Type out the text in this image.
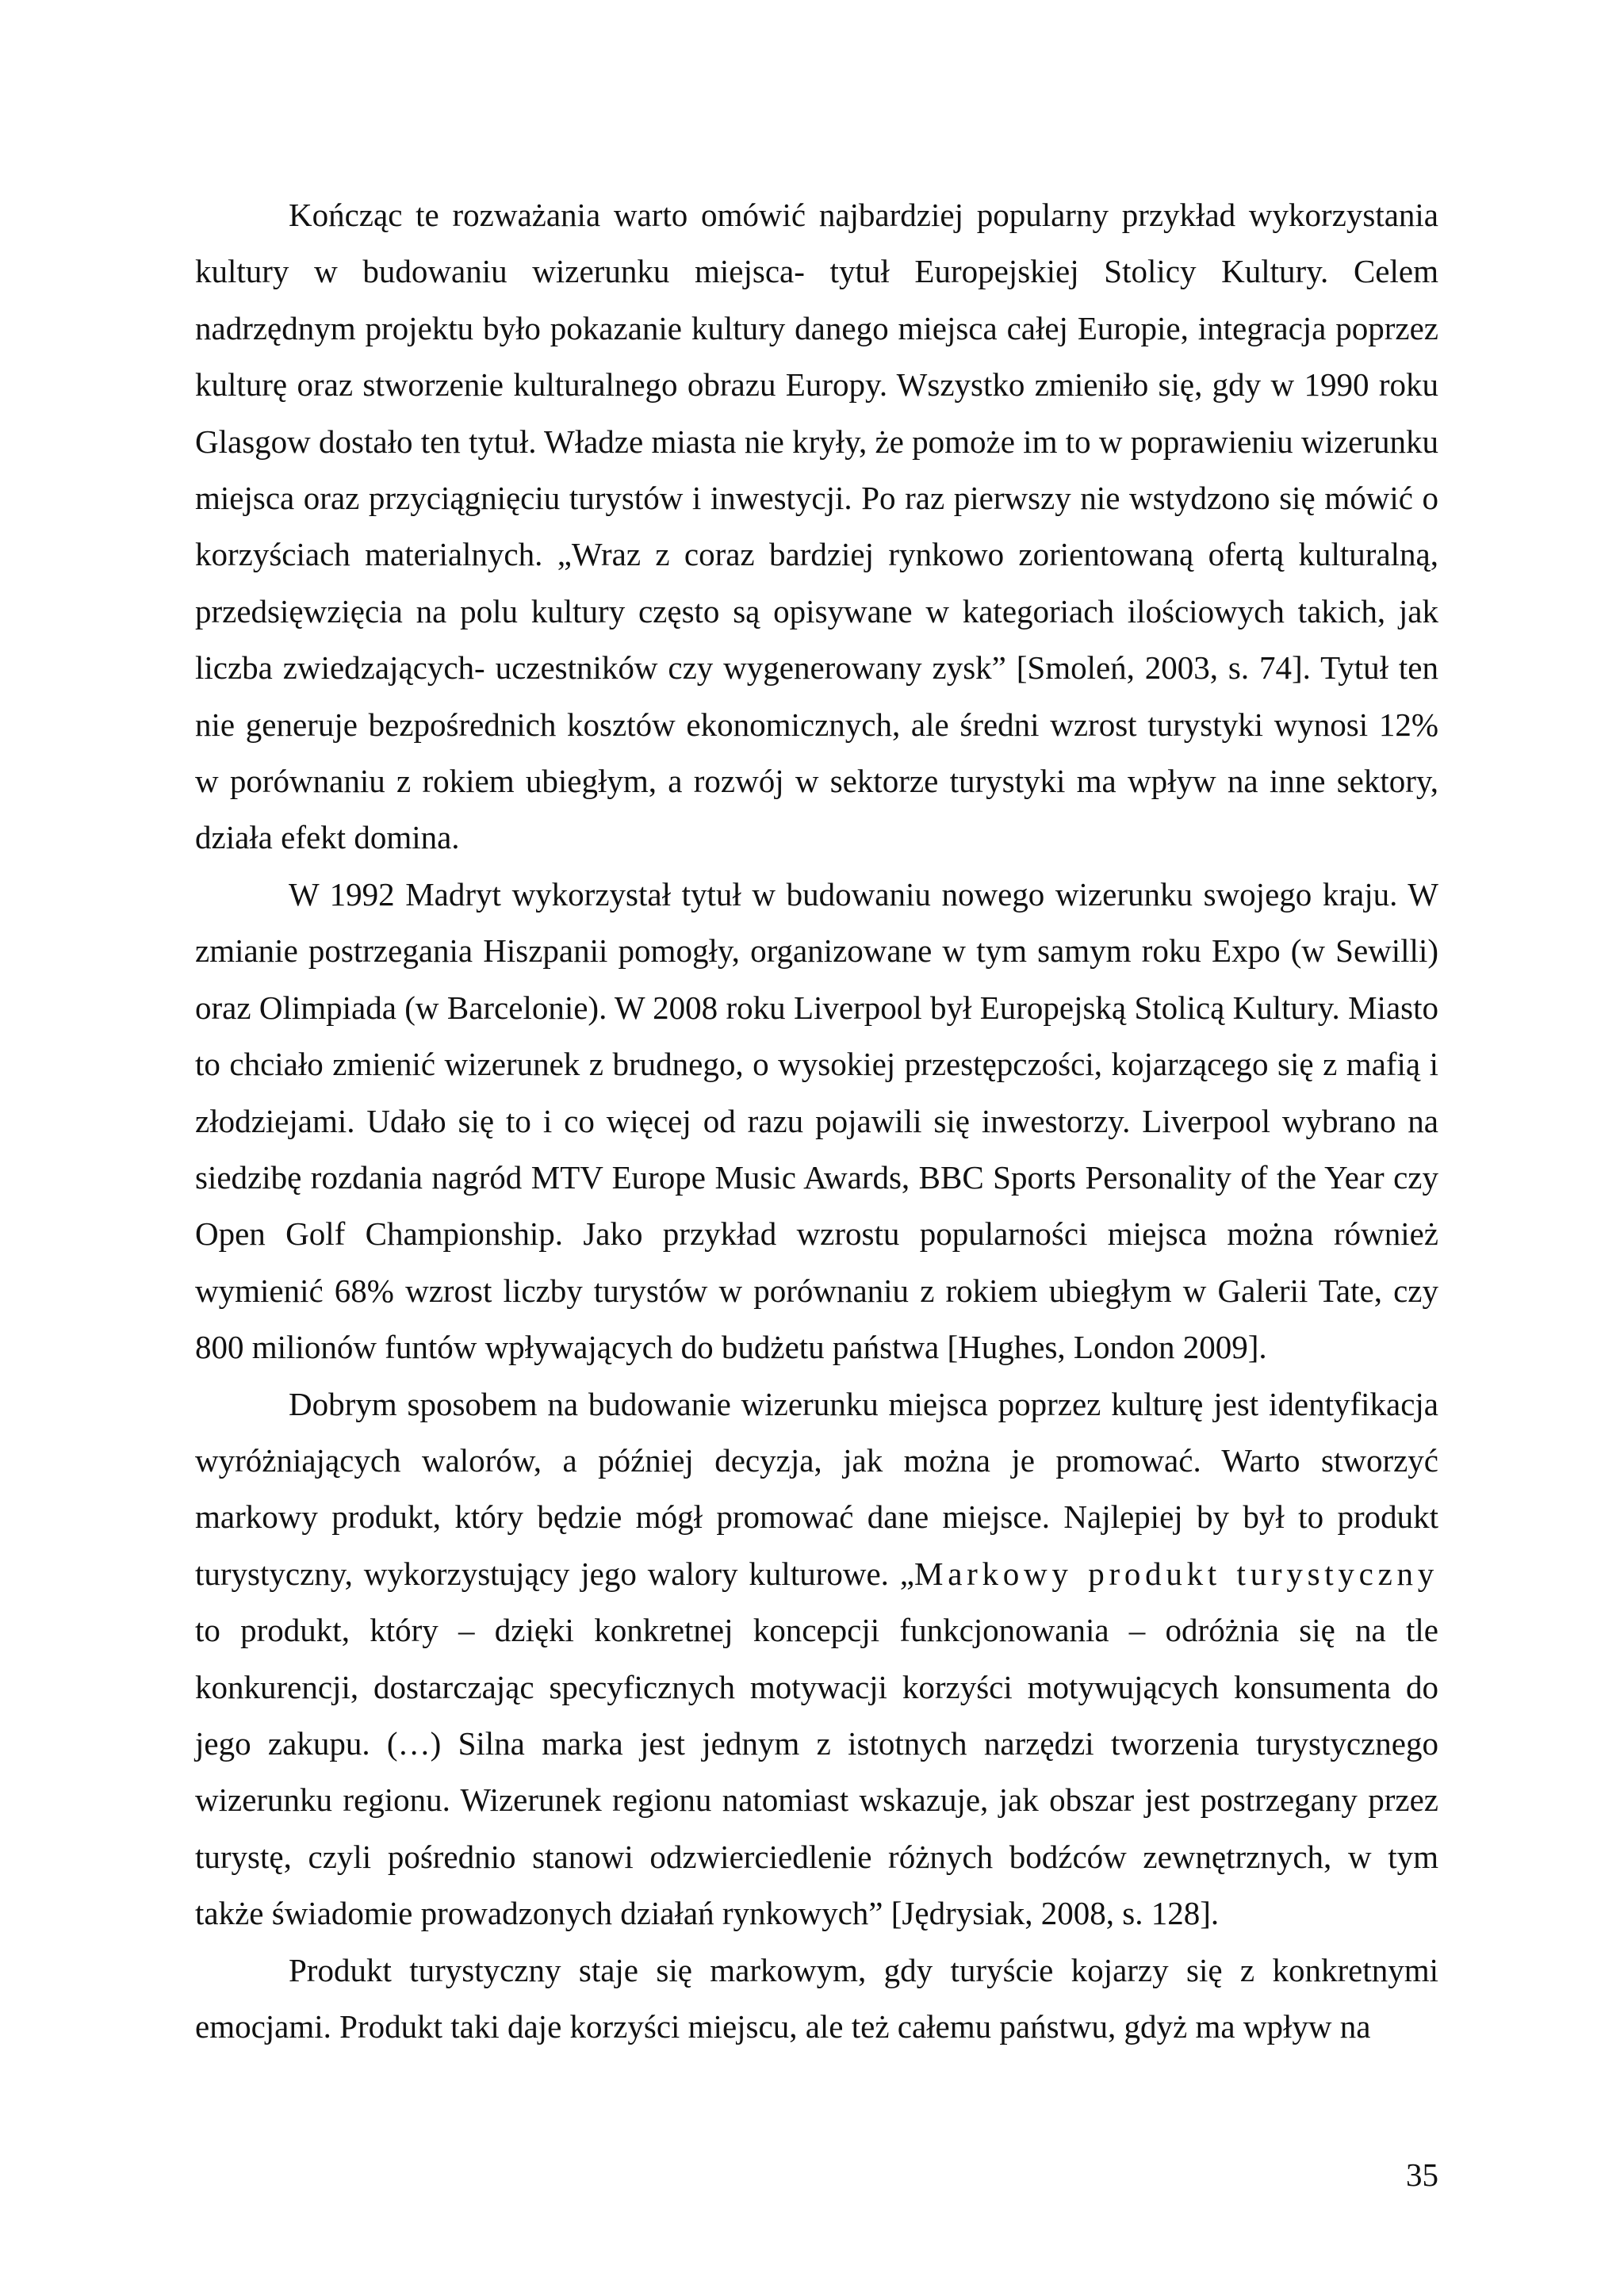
Kończąc te rozważania warto omówić najbardziej popularny przykład wykorzystania kultury w budowaniu wizerunku miejsca- tytuł Europejskiej Stolicy Kultury. Celem nadrzędnym projektu było pokazanie kultury danego miejsca całej Europie, integracja poprzez kulturę oraz stworzenie kulturalnego obrazu Europy. Wszystko zmieniło się, gdy w 1990 roku Glasgow dostało ten tytuł. Władze miasta nie kryły, że pomoże im to w poprawieniu wizerunku miejsca oraz przyciągnięciu turystów i inwestycji. Po raz pierwszy nie wstydzono się mówić o korzyściach materialnych. „Wraz z coraz bardziej rynkowo zorientowaną ofertą kulturalną, przedsięwzięcia na polu kultury często są opisywane w kategoriach ilościowych takich, jak liczba zwiedzających- uczestników czy wygenerowany zysk” [Smoleń, 2003, s. 74]. Tytuł ten nie generuje bezpośrednich kosztów ekonomicznych, ale średni wzrost turystyki wynosi 12% w porównaniu z rokiem ubiegłym, a rozwój w sektorze turystyki ma wpływ na inne sektory, działa efekt domina.

W 1992 Madryt wykorzystał tytuł w budowaniu nowego wizerunku swojego kraju. W zmianie postrzegania Hiszpanii pomogły, organizowane w tym samym roku Expo (w Sewilli) oraz Olimpiada (w Barcelonie). W 2008 roku Liverpool był Europejską Stolicą Kultury. Miasto to chciało zmienić wizerunek z brudnego, o wysokiej przestępczości, kojarzącego się z mafią i złodziejami. Udało się to i co więcej od razu pojawili się inwestorzy. Liverpool wybrano na siedzibę rozdania nagród MTV Europe Music Awards, BBC Sports Personality of the Year czy Open Golf Championship. Jako przykład wzrostu popularności miejsca można również wymienić 68% wzrost liczby turystów w porównaniu z rokiem ubiegłym w Galerii Tate, czy 800 milionów funtów wpływających do budżetu państwa [Hughes, London 2009].

Dobrym sposobem na budowanie wizerunku miejsca poprzez kulturę jest identyfikacja wyróżniających walorów, a później decyzja, jak można je promować. Warto stworzyć markowy produkt, który będzie mógł promować dane miejsce. Najlepiej by był to produkt turystyczny, wykorzystujący jego walory kulturowe. „Markowy produkt turystyczny to produkt, który – dzięki konkretnej koncepcji funkcjonowania – odróżnia się na tle konkurencji, dostarczając specyficznych motywacji korzyści motywujących konsumenta do jego zakupu. (…) Silna marka jest jednym z istotnych narzędzi tworzenia turystycznego wizerunku regionu. Wizerunek regionu natomiast wskazuje, jak obszar jest postrzegany przez turystę, czyli pośrednio stanowi odzwierciedlenie różnych bodźców zewnętrznych, w tym także świadomie prowadzonych działań rynkowych” [Jędrysiak, 2008, s. 128].

Produkt turystyczny staje się markowym, gdy turyście kojarzy się z konkretnymi emocjami. Produkt taki daje korzyści miejscu, ale też całemu państwu, gdyż ma wpływ na

35
